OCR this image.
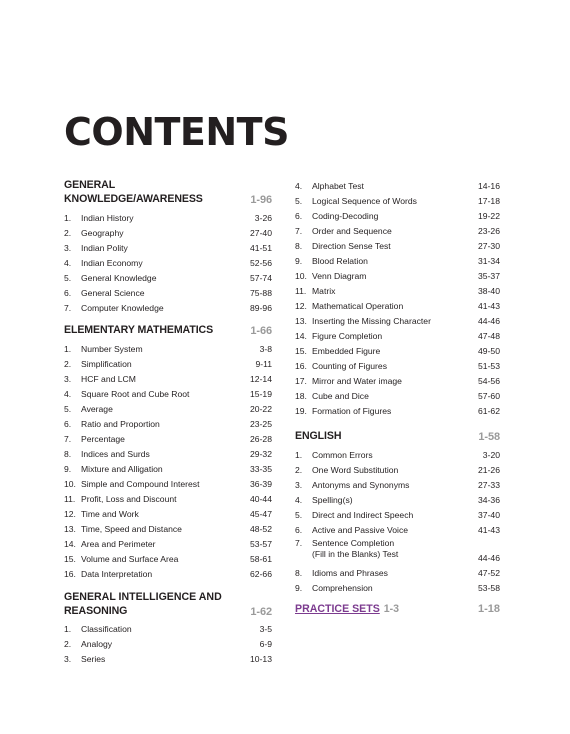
CONTENTS
GENERAL KNOWLEDGE/AWARENESS	1-96
1.	Indian History	3-26
2.	Geography	27-40
3.	Indian Polity	41-51
4.	Indian Economy	52-56
5.	General Knowledge	57-74
6.	General Science	75-88
7.	Computer Knowledge	89-96
ELEMENTARY MATHEMATICS	1-66
1.	Number System	3-8
2.	Simplification	9-11
3.	HCF and LCM	12-14
4.	Square Root and Cube Root	15-19
5.	Average	20-22
6.	Ratio and Proportion	23-25
7.	Percentage	26-28
8.	Indices and Surds	29-32
9.	Mixture and Alligation	33-35
10. Simple and Compound Interest	36-39
11. Profit, Loss and Discount	40-44
12. Time and Work	45-47
13. Time, Speed and Distance	48-52
14. Area and Perimeter	53-57
15. Volume and Surface Area	58-61
16. Data Interpretation	62-66
GENERAL INTELLIGENCE AND
REASONING	1-62
1.	Classification	3-5
2.	Analogy	6-9
3.	Series	10-13
4.	Alphabet Test	14-16
5.	Logical Sequence of Words	17-18
6.	Coding-Decoding	19-22
7.	Order and Sequence	23-26
8.	Direction Sense Test	27-30
9.	Blood Relation	31-34
10. Venn Diagram	35-37
11. Matrix	38-40
12. Mathematical Operation	41-43
13. Inserting the Missing Character	44-46
14. Figure Completion	47-48
15. Embedded Figure	49-50
16. Counting of Figures	51-53
17. Mirror and Water image	54-56
18. Cube and Dice	57-60
19. Formation of Figures	61-62
ENGLISH	1-58
1.	Common Errors	3-20
2.	One Word Substitution	21-26
3.	Antonyms and Synonyms	27-33
4.	Spelling(s)	34-36
5.	Direct and Indirect Speech	37-40
6.	Active and Passive Voice	41-43
7.	Sentence Completion
(Fill in the Blanks) Test	44-46
8.	Idioms and Phrases	47-52
9.	Comprehension	53-58
PRACTICE SETS 1-3	1-18
